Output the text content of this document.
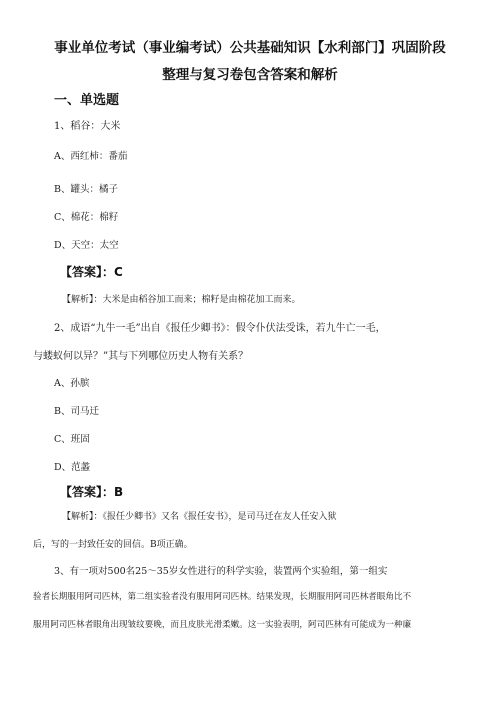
事业单位考试（事业编考试）公共基础知识【水利部门】巩固阶段
整理与复习卷包含答案和解析
一、单选题
1、稻谷：大米
A、西红柿：番茄
B、罐头：橘子
C、棉花：棉籽
D、天空：太空
【答案】：C
【解析】：大米是由稻谷加工而来；棉籽是由棉花加工而来。
2、成语“九牛一毛”出自《报任少卿书》：假令仆伏法受诛，若九牛亡一毛，
与蝼蚁何以异？”其与下列哪位历史人物有关系？
A、孙膑
B、司马迁
C、班固
D、范蠡
【答案】：B
【解析】：《报任少卿书》又名《报任安书》，是司马迁在友人任安入狱
后，写的一封致任安的回信。B项正确。
3、有一项对500名25～35岁女性进行的科学实验，装置两个实验组，第一组实
验者长期服用阿司匹林，第二组实验者没有服用阿司匹林。结果发现，长期服用阿司匹林者眼角比不
服用阿司匹林者眼角出现皱纹要晚，而且皮肤光滑柔嫩。这一实验表明，阿司匹林有可能成为一种廉
